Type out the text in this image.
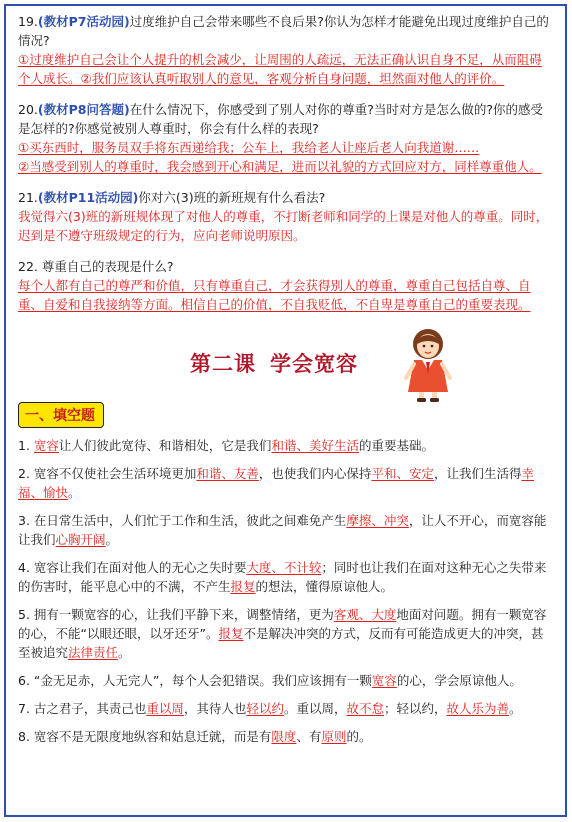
19.(教材P7活动园)过度维护自己会带来哪些不良后果?你认为怎样才能避免出现过度维护自己的情况?

①过度维护自己会让个人提升的机会减少，让周围的人疏远，无法正确认识自身不足，从而阻碍个人成长。②我们应该认真听取别人的意见，客观分析自身问题，坦然面对他人的评价。

20.(教材P8问答题)在什么情况下，你感受到了别人对你的尊重?当时对方是怎么做的?你的感受是怎样的?你感觉被别人尊重时，你会有什么样的表现?

①买东西时，服务员双手将东西递给我；公车上，我给老人让座后老人向我道谢……

②当感受到别人的尊重时，我会感到开心和满足，进而以礼貌的方式回应对方，同样尊重他人。

21.(教材P11活动园)你对六(3)班的新班规有什么看法?

我觉得六(3)班的新班规体现了对他人的尊重，不打断老师和同学的上课是对他人的尊重。同时，迟到是不遵守班级规定的行为，应向老师说明原因。

22. 尊重自己的表现是什么?

每个人都有自己的尊严和价值，只有尊重自己，才会获得别人的尊重，尊重自己包括自尊、自重、自爱和自我接纳等方面。相信自己的价值，不自我贬低，不自卑是尊重自己的重要表现。

第二课 学会宽容
一、填空题

1. 宽容让人们彼此宽待、和谐相处，它是我们和谐、美好生活的重要基础。

2. 宽容不仅使社会生活环境更加和谐、友善，也使我们内心保持平和、安定，让我们生活得幸福、愉快。

3. 在日常生活中，人们忙于工作和生活，彼此之间难免产生摩擦、冲突，让人不开心，而宽容能让我们心胸开阔。

4. 宽容让我们在面对他人的无心之失时要大度、不计较；同时也让我们在面对这种无心之失带来的伤害时，能平息心中的不满，不产生报复的想法，懂得原谅他人。

5. 拥有一颗宽容的心，让我们平静下来，调整情绪，更为客观、大度地面对问题。拥有一颗宽容的心，不能“以眼还眼，以牙还牙”。报复不是解决冲突的方式，反而有可能造成更大的冲突，甚至被追究法律责任。

6. “金无足赤，人无完人”，每个人会犯错误。我们应该拥有一颗宽容的心，学会原谅他人。

7. 古之君子，其责己也重以周，其待人也轻以约。重以周，故不怠；轻以约，故人乐为善。

8. 宽容不是无限度地纵容和姑息迁就，而是有限度、有原则的。
